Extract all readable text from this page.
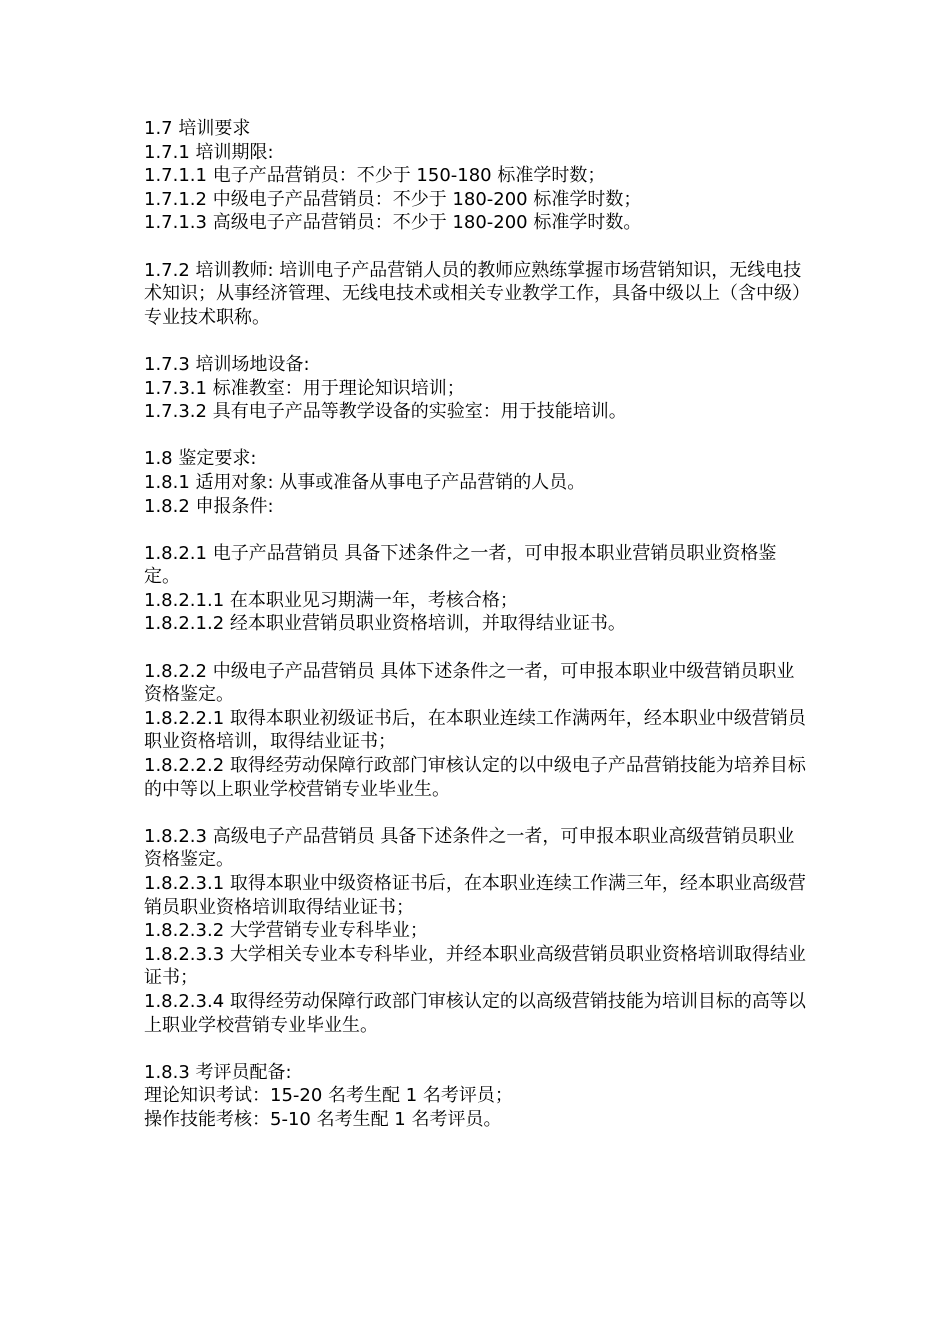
1.7 培训要求
1.7.1 培训期限:
1.7.1.1 电子产品营销员：不少于 150-180 标准学时数；
1.7.1.2 中级电子产品营销员：不少于 180-200 标准学时数；
1.7.1.3 高级电子产品营销员：不少于 180-200 标准学时数。
1.7.2 培训教师: 培训电子产品营销人员的教师应熟练掌握市场营销知识，无线电技术知识；从事经济管理、无线电技术或相关专业教学工作，具备中级以上（含中级）专业技术职称。
1.7.3 培训场地设备:
1.7.3.1 标准教室：用于理论知识培训；
1.7.3.2 具有电子产品等教学设备的实验室：用于技能培训。
1.8 鉴定要求:
1.8.1 适用对象: 从事或准备从事电子产品营销的人员。
1.8.2 申报条件:
1.8.2.1 电子产品营销员 具备下述条件之一者，可申报本职业营销员职业资格鉴定。
1.8.2.1.1 在本职业见习期满一年，考核合格；
1.8.2.1.2 经本职业营销员职业资格培训，并取得结业证书。
1.8.2.2 中级电子产品营销员 具体下述条件之一者，可申报本职业中级营销员职业资格鉴定。
1.8.2.2.1 取得本职业初级证书后，在本职业连续工作满两年，经本职业中级营销员职业资格培训，取得结业证书；
1.8.2.2.2 取得经劳动保障行政部门审核认定的以中级电子产品营销技能为培养目标的中等以上职业学校营销专业毕业生。
1.8.2.3 高级电子产品营销员 具备下述条件之一者，可申报本职业高级营销员职业资格鉴定。
1.8.2.3.1 取得本职业中级资格证书后，在本职业连续工作满三年，经本职业高级营销员职业资格培训取得结业证书；
1.8.2.3.2 大学营销专业专科毕业；
1.8.2.3.3 大学相关专业本专科毕业，并经本职业高级营销员职业资格培训取得结业证书；
1.8.2.3.4 取得经劳动保障行政部门审核认定的以高级营销技能为培训目标的高等以上职业学校营销专业毕业生。
1.8.3 考评员配备:
理论知识考试：15-20 名考生配 1 名考评员；
操作技能考核：5-10 名考生配 1 名考评员。
